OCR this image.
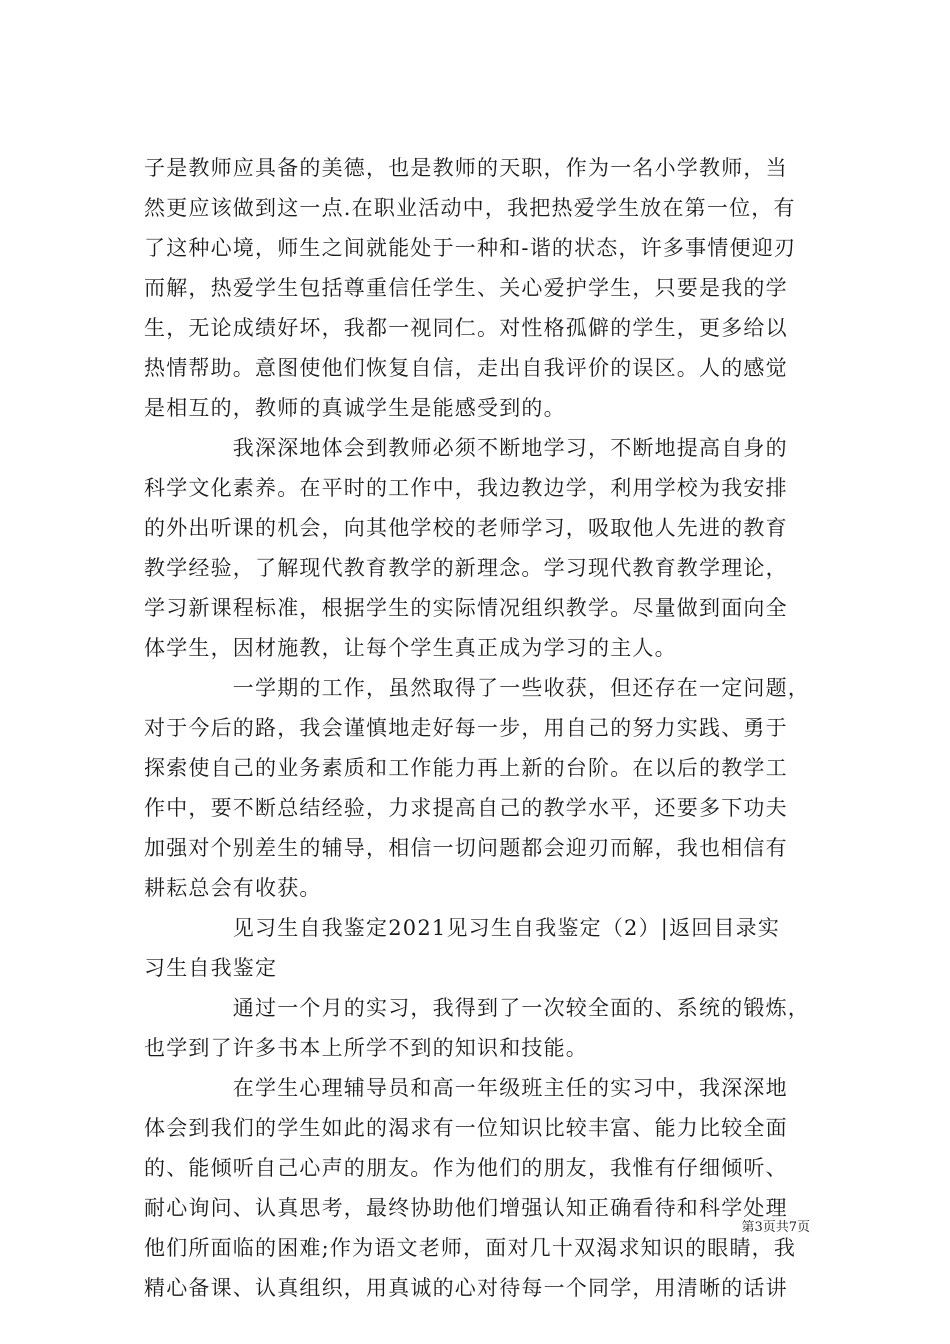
子是教师应具备的美德，也是教师的天职，作为一名小学教师，当
然更应该做到这一点.在职业活动中，我把热爱学生放在第一位，有
了这种心境，师生之间就能处于一种和-谐的状态，许多事情便迎刃
而解，热爱学生包括尊重信任学生、关心爱护学生，只要是我的学
生，无论成绩好坏，我都一视同仁。对性格孤僻的学生，更多给以
热情帮助。意图使他们恢复自信，走出自我评价的误区。人的感觉
是相互的，教师的真诚学生是能感受到的。
　　　　我深深地体会到教师必须不断地学习，不断地提高自身的
科学文化素养。在平时的工作中，我边教边学，利用学校为我安排
的外出听课的机会，向其他学校的老师学习，吸取他人先进的教育
教学经验，了解现代教育教学的新理念。学习现代教育教学理论，
学习新课程标准，根据学生的实际情况组织教学。尽量做到面向全
体学生，因材施教，让每个学生真正成为学习的主人。
　　　　一学期的工作，虽然取得了一些收获，但还存在一定问题，
对于今后的路，我会谨慎地走好每一步，用自己的努力实践、勇于
探索使自己的业务素质和工作能力再上新的台阶。在以后的教学工
作中，要不断总结经验，力求提高自己的教学水平，还要多下功夫
加强对个别差生的辅导，相信一切问题都会迎刃而解，我也相信有
耕耘总会有收获。
　　　　见习生自我鉴定2021见习生自我鉴定（2）|返回目录实
习生自我鉴定
　　　　通过一个月的实习，我得到了一次较全面的、系统的锻炼，
也学到了许多书本上所学不到的知识和技能。
　　　　在学生心理辅导员和高一年级班主任的实习中，我深深地
体会到我们的学生如此的渴求有一位知识比较丰富、能力比较全面
的、能倾听自己心声的朋友。作为他们的朋友，我惟有仔细倾听、
耐心询问、认真思考，最终协助他们增强认知正确看待和科学处理
他们所面临的困难;作为语文老师，面对几十双渴求知识的眼睛，我
精心备课、认真组织，用真诚的心对待每一个同学，用清晰的话讲
第3页共7页
